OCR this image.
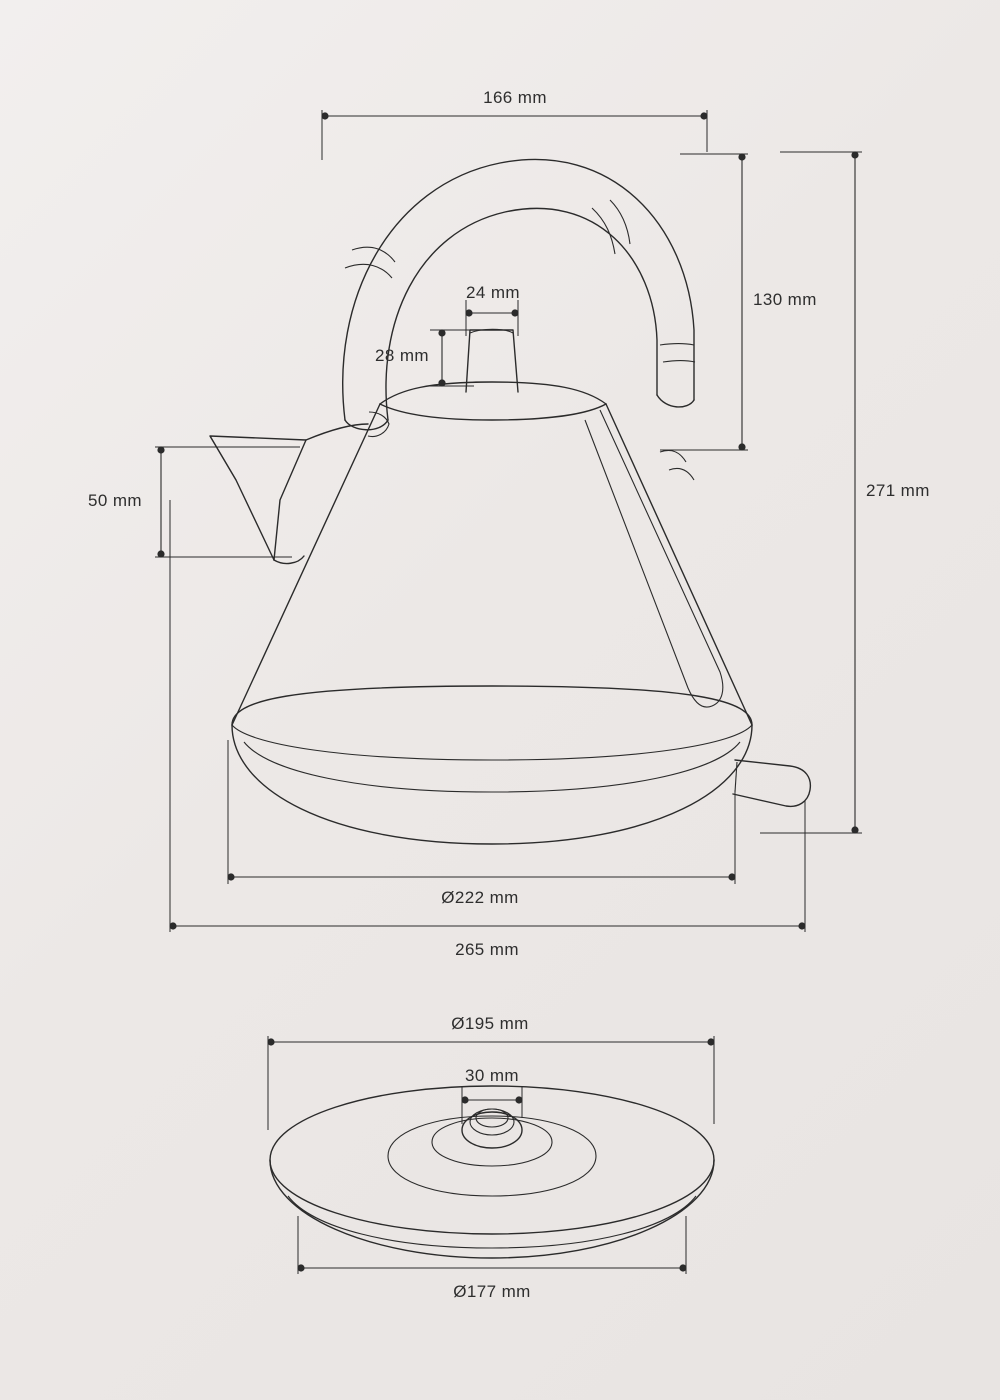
166 mm
24 mm
28 mm
130 mm
50 mm
271 mm
Ø222 mm
265 mm
Ø195 mm
30 mm
Ø177 mm
